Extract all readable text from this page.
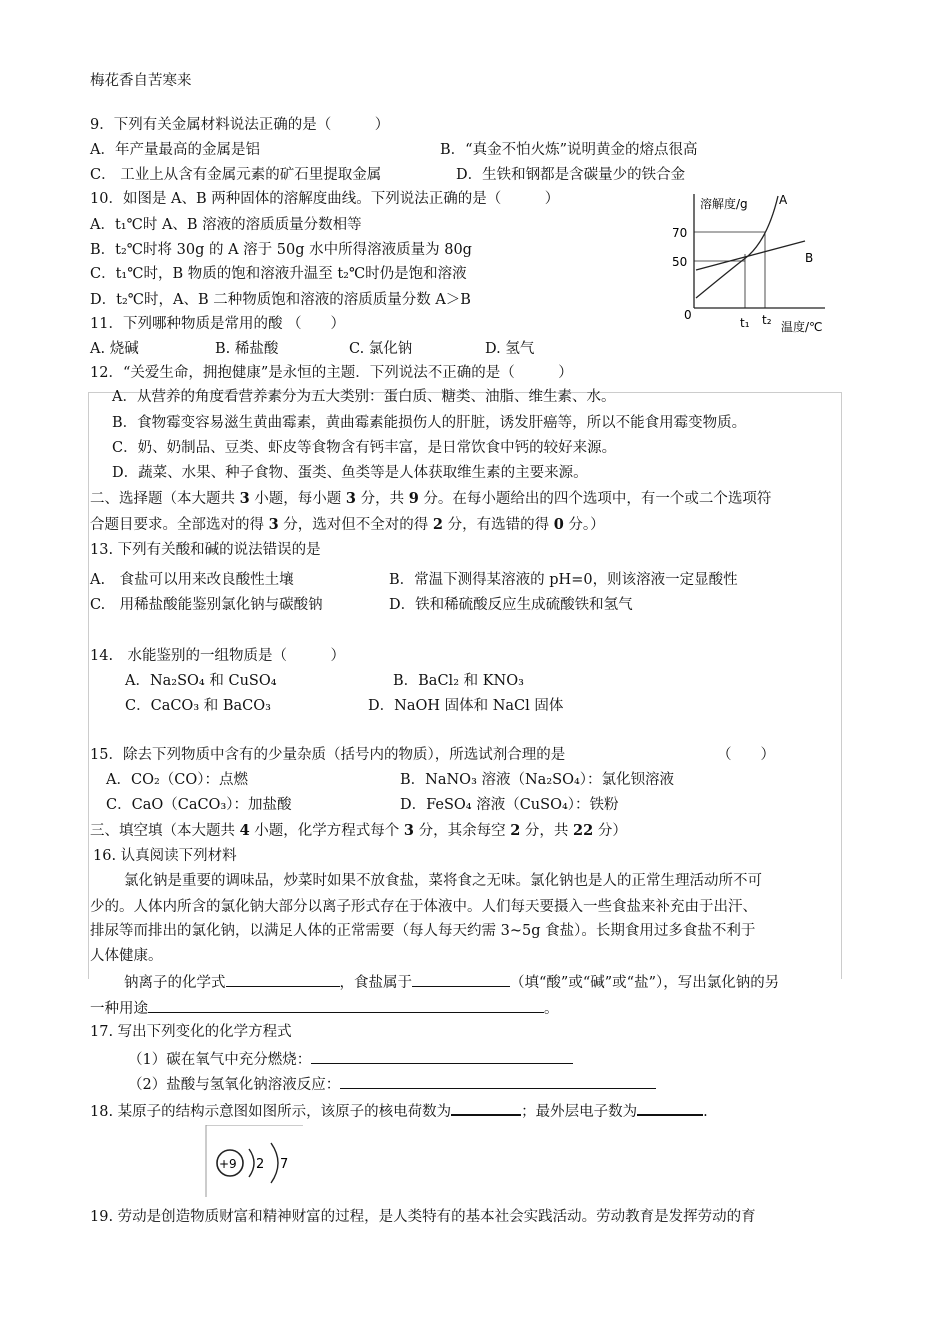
梅花香自苦寒来
9．下列有关金属材料说法正确的是（　　　）
A．年产量最高的金属是铝	B．“真金不怕火炼”说明黄金的熔点很高
C． 工业上从含有金属元素的矿石里提取金属	D．生铁和钢都是含碳量少的铁合金
10．如图是 A、B 两种固体的溶解度曲线。下列说法正确的是（　　　）
A．t₁℃时 A、B 溶液的溶质质量分数相等
B．t₂℃时将 30g 的 A 溶于 50g 水中所得溶液质量为 80g
C．t₁℃时，B 物质的饱和溶液升温至 t₂℃时仍是饱和溶液
D．t₂℃时，A、B 二种物质饱和溶液的溶质质量分数 A＞B
溶解度/g	A
70
50
0
B
t₁ t₂ 温度/℃
11．下列哪种物质是常用的酸 （　　）
A. 烧碱	B. 稀盐酸	C. 氯化钠	D. 氢气
12．“关爱生命，拥抱健康”是永恒的主题．下列说法不正确的是（　　　）
A．从营养的角度看营养素分为五大类别：蛋白质、糖类、油脂、维生素、水。
B．食物霉变容易滋生黄曲霉素，黄曲霉素能损伤人的肝脏，诱发肝癌等，所以不能食用霉变物质。
C．奶、奶制品、豆类、虾皮等食物含有钙丰富，是日常饮食中钙的较好来源。
D．蔬菜、水果、种子食物、蛋类、鱼类等是人体获取维生素的主要来源。
二、选择题（本大题共 3 小题，每小题 3 分，共 9 分。在每小题给出的四个选项中，有一个或二个选项符
合题目要求。全部选对的得 3 分，选对但不全对的得 2 分，有选错的得 0 分。）
13. 下列有关酸和碱的说法错误的是
A.　食盐可以用来改良酸性土壤	B．常温下测得某溶液的 pH=0，则该溶液一定显酸性
C.　用稀盐酸能鉴别氯化钠与碳酸钠	D．铁和稀硫酸反应生成硫酸铁和氢气
14.　水能鉴别的一组物质是（　　　）
A．Na₂SO₄ 和 CuSO₄	B．BaCl₂ 和 KNO₃
C．CaCO₃ 和 BaCO₃	D．NaOH 固体和 NaCl 固体
15．除去下列物质中含有的少量杂质（括号内的物质），所选试剂合理的是	（　　）
A．CO₂（CO）：点燃	B．NaNO₃ 溶液（Na₂SO₄）：氯化钡溶液
C．CaO（CaCO₃）：加盐酸	D．FeSO₄ 溶液（CuSO₄）：铁粉
三、填空填（本大题共 4 小题，化学方程式每个 3 分，其余每空 2 分，共 22 分）
16. 认真阅读下列材料
氯化钠是重要的调味品，炒菜时如果不放食盐，菜将食之无味。氯化钠也是人的正常生理活动所不可
少的。人体内所含的氯化钠大部分以离子形式存在于体液中。人们每天要摄入一些食盐来补充由于出汗、
排尿等而排出的氯化钠，以满足人体的正常需要（每人每天约需 3~5g 食盐）。长期食用过多食盐不利于
人体健康。
钠离子的化学式	，食盐属于	（填“酸”或“碱”或“盐”），写出氯化钠的另
一种用途	。
17. 写出下列变化的化学方程式
（1）碳在氧气中充分燃烧：
（2）盐酸与氢氧化钠溶液反应：
18. 某原子的结构示意图如图所示，该原子的核电荷数为	；最外层电子数为	.
+9 2 7
19. 劳动是创造物质财富和精神财富的过程，是人类特有的基本社会实践活动。劳动教育是发挥劳动的育
